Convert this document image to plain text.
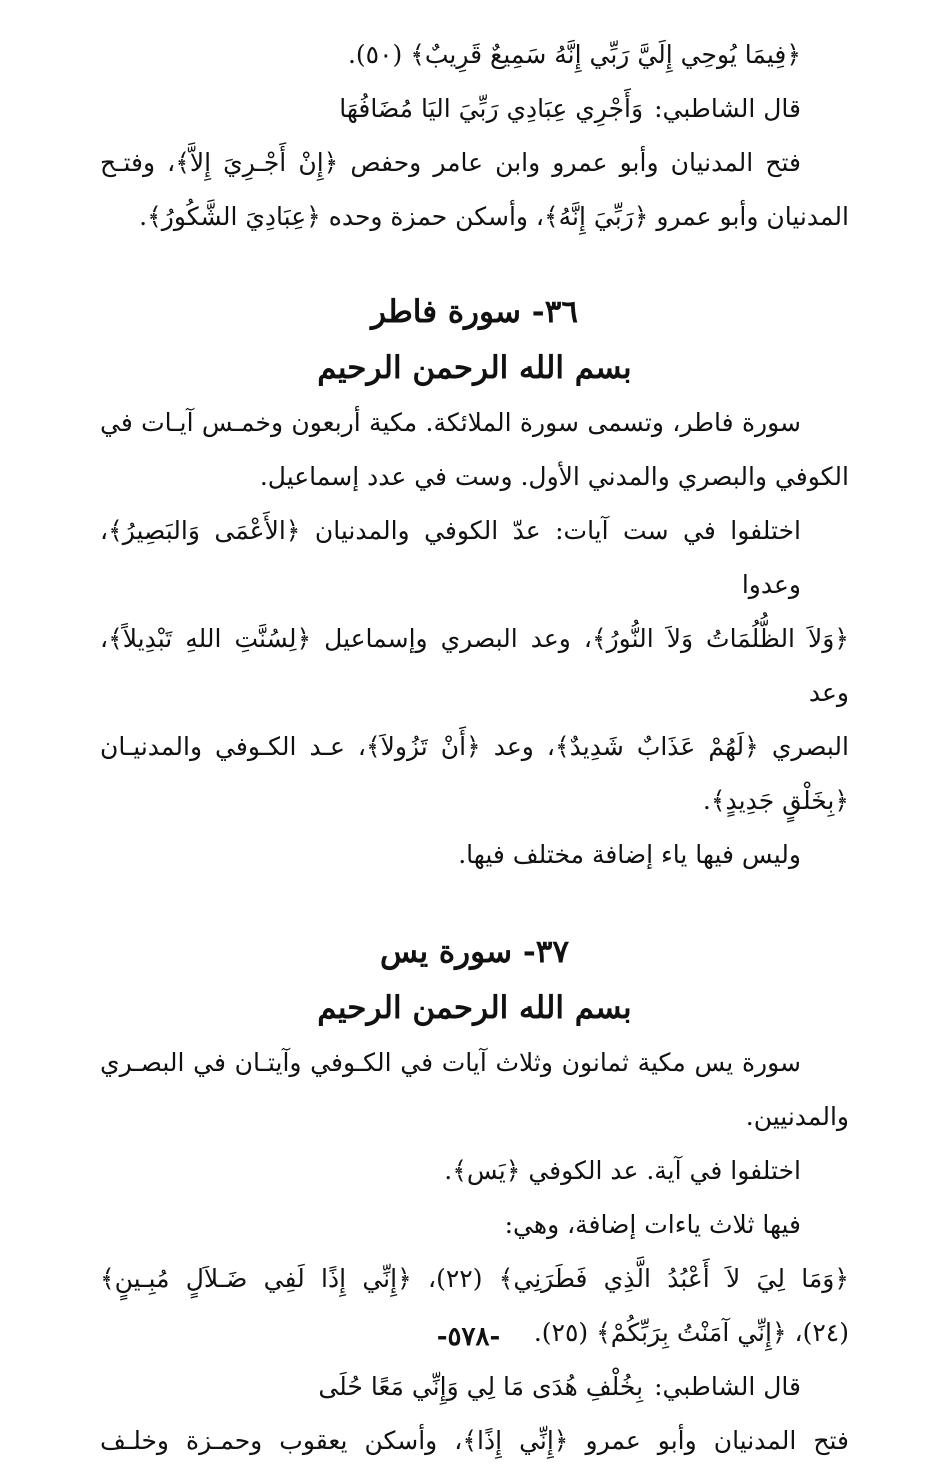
﴿فِيمَا يُوحِي إِلَيَّ رَبِّي إِنَّهُ سَمِيعٌ قَرِيبٌ﴾ (٥٠).

قال الشاطبي: وَأَجْرِي عِبَادِي رَبِّيَ اليَا مُضَافُهَا

فتح المدنيان وأبو عمرو وابن عامر وحفص ﴿إِنْ أَجْـرِيَ إِلاَّ﴾، وفتـح

المدنيان وأبو عمرو ﴿رَبِّيَ إِنَّهُ﴾، وأسكن حمزة وحده ﴿عِبَادِيَ الشَّكُورُ﴾.

٣٦- سورة فاطر
بسم الله الرحمن الرحيم

سورة فاطر، وتسمى سورة الملائكة. مكية أربعون وخمـس آيـات في

الكوفي والبصري والمدني الأول. وست في عدد إسماعيل.

اختلفوا في ست آيات: عدّ الكوفي والمدنيان ﴿الأَعْمَى وَالبَصِيرُ﴾، وعدوا

﴿وَلاَ الظُّلُمَاتُ وَلاَ النُّورُ﴾، وعد البصري وإسماعيل ﴿لِسُنَّتِ اللهِ تَبْدِيلاً﴾، وعد

البصري ﴿لَهُمْ عَذَابٌ شَدِيدٌ﴾، وعد ﴿أَنْ تَزُولاَ﴾، عـد الكـوفي والمدنيـان

﴿بِخَلْقٍ جَدِيدٍ﴾.

وليس فيها ياء إضافة مختلف فيها.

٣٧- سورة يس
بسم الله الرحمن الرحيم

سورة يس مكية ثمانون وثلاث آيات في الكـوفي وآيتـان في البصـري

والمدنيين.

اختلفوا في آية. عد الكوفي ﴿يَس﴾.

فيها ثلاث ياءات إضافة، وهي:

﴿وَمَا لِيَ لاَ أَعْبُدُ الَّذِي فَطَرَنِي﴾ (٢٢)، ﴿إِنِّي إِذًا لَفِي ضَـلاَلٍ مُبِـينٍ﴾

(٢٤)، ﴿إِنِّي آمَنْتُ بِرَبِّكُمْ﴾ (٢٥).

قال الشاطبي: بِخُلْفِ هُدَى مَا لِي وَإِنِّي مَعًا حُلَى

فتح المدنيان وأبو عمرو ﴿إِنِّي إِذًا﴾، وأسكن يعقوب وحمـزة وخلـف

-٥٧٨-
